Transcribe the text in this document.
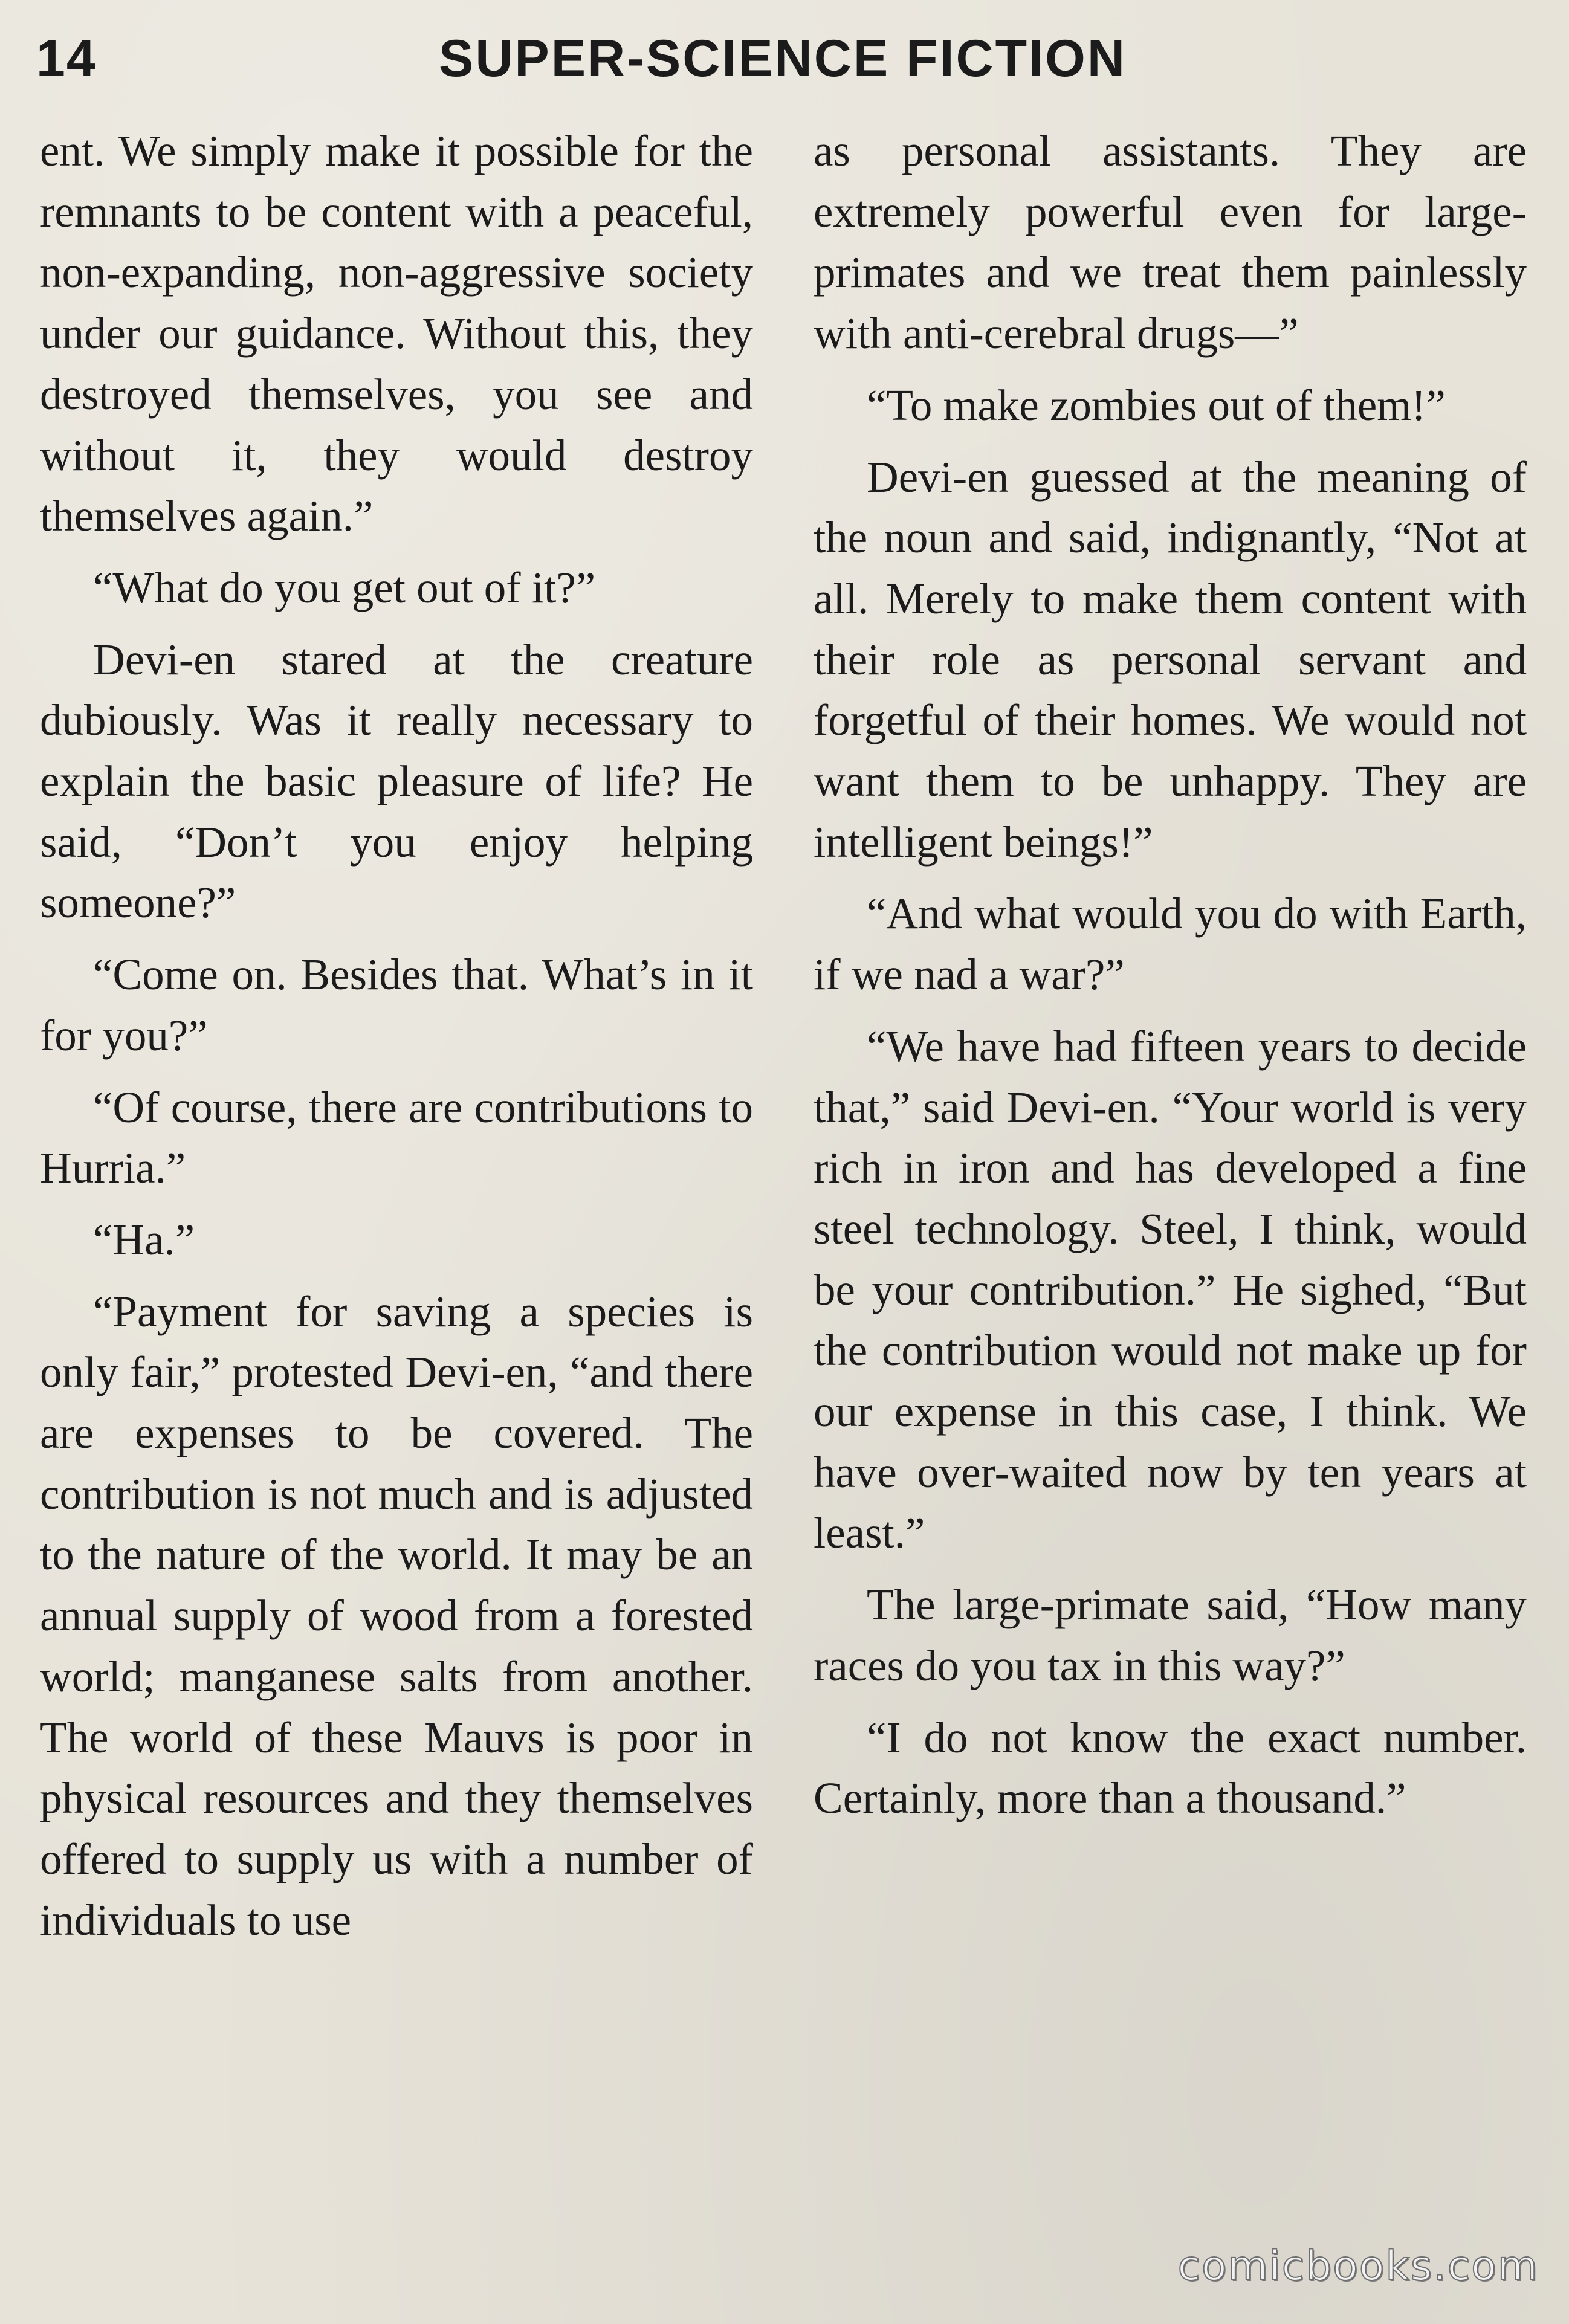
14	SUPER-SCIENCE FICTION

ent. We simply make it possible for the remnants to be content with a peaceful, non-expanding, non-aggressive society under our guidance. Without this, they destroyed themselves, you see and without it, they would destroy themselves again.”

“What do you get out of it?”

Devi-en stared at the creature dubiously. Was it really necessary to explain the basic pleasure of life? He said, “Don’t you enjoy helping someone?”

“Come on. Besides that. What’s in it for you?”

“Of course, there are contributions to Hurria.”

“Ha.”

“Payment for saving a species is only fair,” protested Devi-en, “and there are expenses to be covered. The contribution is not much and is adjusted to the nature of the world. It may be an annual supply of wood from a forested world; manganese salts from another. The world of these Mauvs is poor in physical resources and they themselves offered to supply us with a number of individuals to use

as personal assistants. They are extremely powerful even for large-primates and we treat them painlessly with anti-cerebral drugs—”

“To make zombies out of them!”

Devi-en guessed at the meaning of the noun and said, indignantly, “Not at all. Merely to make them content with their role as personal servant and forgetful of their homes. We would not want them to be unhappy. They are intelligent beings!”

“And what would you do with Earth, if we nad a war?”

“We have had fifteen years to decide that,” said Devi-en. “Your world is very rich in iron and has developed a fine steel technology. Steel, I think, would be your contribution.” He sighed, “But the contribution would not make up for our expense in this case, I think. We have over-waited now by ten years at least.”

The large-primate said, “How many races do you tax in this way?”

“I do not know the exact number. Certainly, more than a thousand.”

comicbooks.com
